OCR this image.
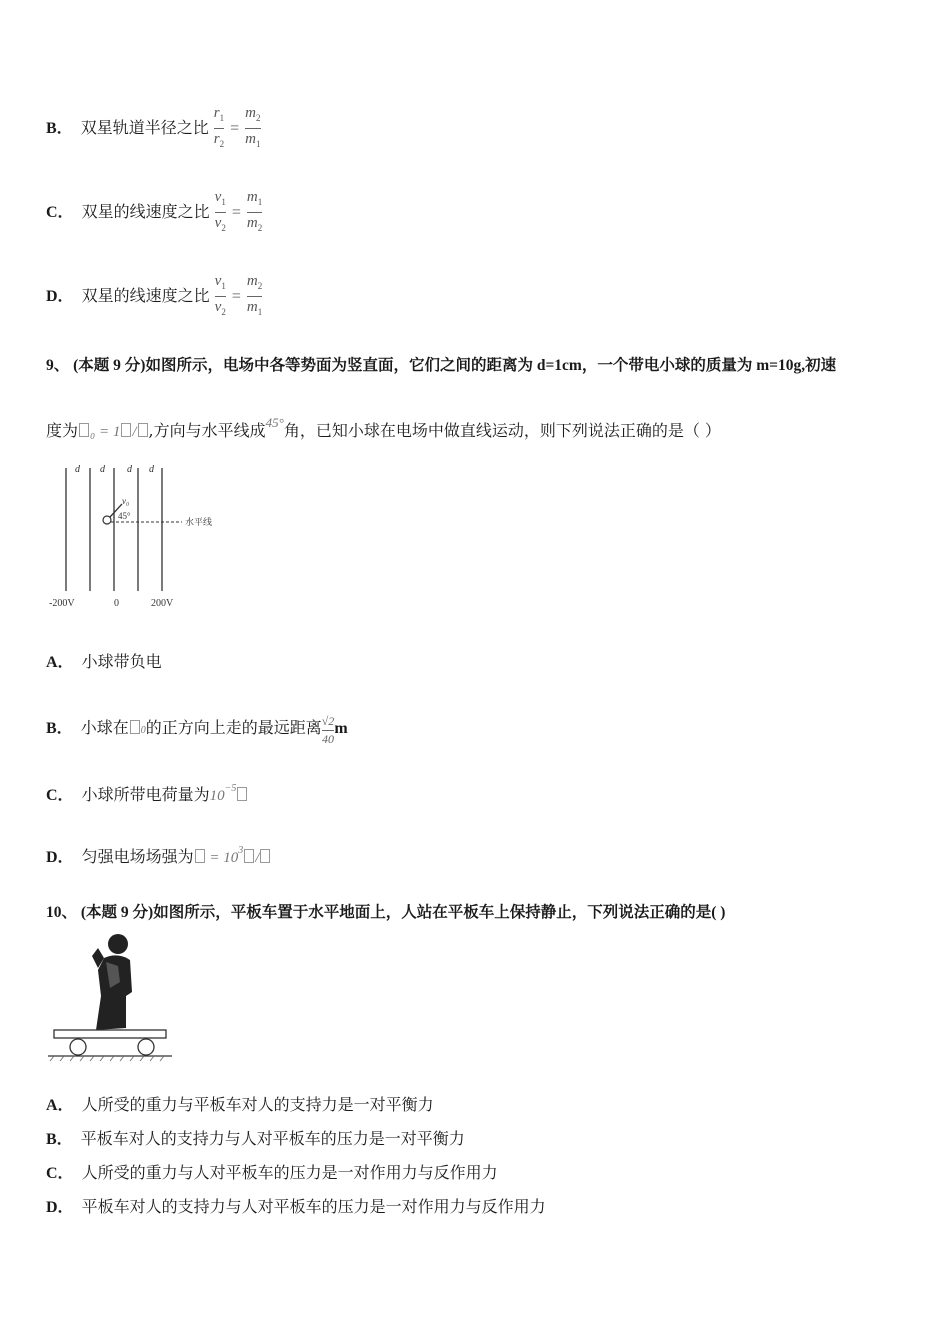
B． 双星轨道半径之比 $\frac{r_1}{r_2} = \frac{m_2}{m_1}$
C． 双星的线速度之比 $\frac{v_1}{v_2} = \frac{m_1}{m_2}$
D． 双星的线速度之比 $\frac{v_1}{v_2} = \frac{m_2}{m_1}$
9、 (本题 9 分)如图所示，电场中各等势面为竖直面，它们之间的距离为 d=1cm，一个带电小球的质量为 m=10g,初速
度为 ₀ = 1 / ,方向与水平线成$^{45^\circ}$角，已知小球在电场中做直线运动，则下列说法正确的是（ ）
d d d d
v₀
45°
水平线
-200V	0	200V
A． 小球带负电
B． 小球在 0的正方向上走的最远距离 $\frac{√2}{40}$ m
C． 小球所带电荷量为$10^{-5}$
D． 匀强电场场强为 = $10^3$ /
10、 (本题 9 分)如图所示，平板车置于水平地面上，人站在平板车上保持静止，下列说法正确的是( )
A． 人所受的重力与平板车对人的支持力是一对平衡力
B． 平板车对人的支持力与人对平板车的压力是一对平衡力
C． 人所受的重力与人对平板车的压力是一对作用力与反作用力
D． 平板车对人的支持力与人对平板车的压力是一对作用力与反作用力
